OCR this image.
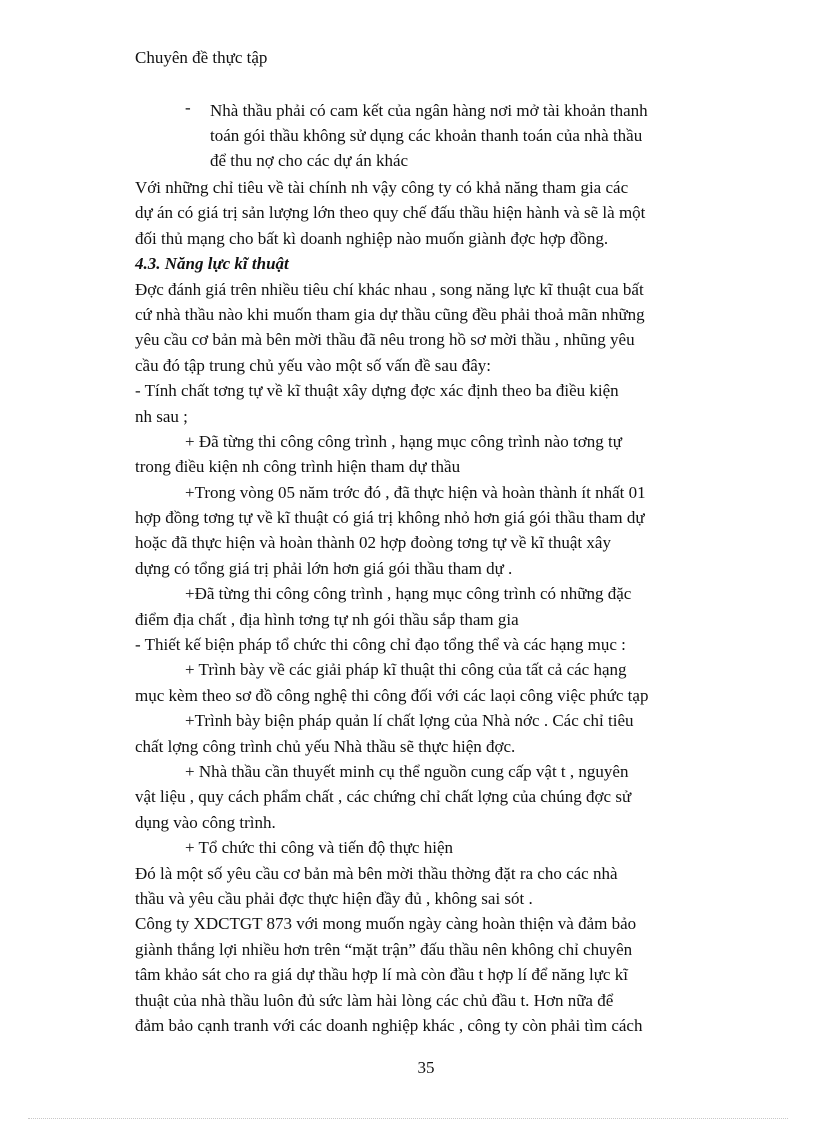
Chuyên đề thực tập
- Nhà thầu phải có cam kết của ngân hàng nơi mở tài khoản thanh
toán gói thầu không sử dụng các khoản thanh toán của nhà thầu
để thu nợ cho các dự án khác
Với những chỉ tiêu về tài chính nh vậy công ty có khả năng tham gia các
dự án có giá trị sản lượng lớn theo quy chế đấu thầu hiện hành và sẽ là một
đối thủ mạng cho bất kì doanh nghiệp nào muốn giành đợc hợp đồng.
4.3. Năng lực kĩ thuật
Đợc đánh giá trên nhiều tiêu chí khác nhau , song năng lực kĩ thuật cua bất
cứ nhà thầu nào khi muốn tham gia dự thầu cũng đều phải thoả mãn những
yêu cầu cơ bản mà bên mời thầu đã nêu trong hồ sơ mời thầu , nhũng yêu
cầu đó tập trung chủ yếu vào một số vấn đề sau đây:
- Tính chất tơng tự về kĩ thuật xây dựng đợc xác định theo ba điều kiện
nh sau ;
+ Đã từng thi công công trình , hạng mục công trình nào tơng tự
trong điều kiện nh công trình hiện tham dự thầu
+Trong vòng 05 năm trớc đó , đã thực hiện và hoàn thành ít nhất 01
hợp đồng tơng tự về kĩ thuật có giá trị không nhỏ hơn giá gói thầu tham dự
hoặc đã thực hiện và hoàn thành 02 hợp đoòng tơng tự về kĩ thuật xây
dựng có tổng giá trị phải lớn hơn giá gói thầu tham dự .
+Đã từng thi công công trình , hạng mục công trình có những đặc
điểm địa chất , địa hình tơng tự nh gói thầu sắp tham gia
- Thiết kế biện pháp tổ chức thi công chỉ đạo tổng thể và các hạng mục :
+ Trình bày về các giải pháp kĩ thuật thi công của tất cả các hạng
mục kèm theo sơ đồ công nghệ thi công đối với các laọi công việc phức tạp
+Trình bày biện pháp quản lí chất lợng của Nhà nớc . Các chỉ tiêu
chất lợng công trình chủ yếu Nhà thầu sẽ thực hiện đợc.
+ Nhà thầu cần thuyết minh cụ thể nguồn cung cấp vật t , nguyên
vật liệu , quy cách phẩm chất , các chứng chỉ chất lợng của chúng đợc sử
dụng vào công trình.
+ Tổ chức thi công và tiến độ thực hiện
Đó là một số yêu cầu cơ bản mà bên mời thầu thờng đặt ra cho các nhà
thầu và yêu cầu phải đợc thực hiện đầy đủ , không sai sót .
Công ty XDCTGT 873 với mong muốn ngày càng hoàn thiện và đảm bảo
giành thắng lợi nhiều hơn trên “mặt trận” đấu thầu nên không chỉ chuyên
tâm khảo sát cho ra giá dự thầu hợp lí mà còn đầu t hợp lí để năng lực kĩ
thuật của nhà thầu luôn đủ sức làm hài lòng các chủ đầu t. Hơn nữa để
đảm bảo cạnh tranh với các doanh nghiệp khác , công ty còn phải tìm cách
35
